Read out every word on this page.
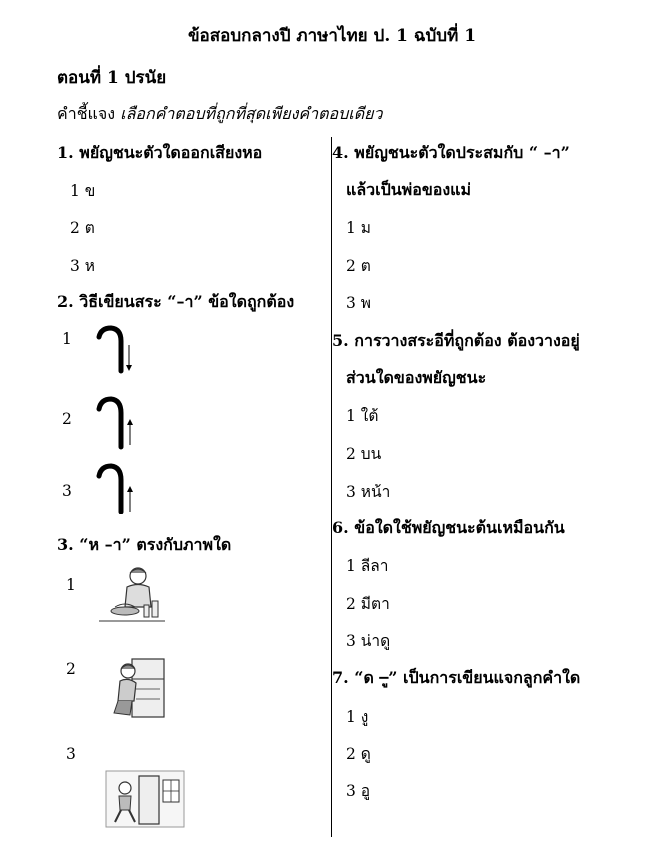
ข้อสอบกลางปี ภาษาไทย ป. 1 ฉบับที่ 1
ตอนที่ 1 ปรนัย
คำชี้แจง เลือกคำตอบที่ถูกที่สุดเพียงคำตอบเดียว
1. พยัญชนะตัวใดออกเสียงหอ
1 ข
2 ต
3 ห
2. วิธีเขียนสระ “–า” ข้อใดถูกต้อง
1
2
3
3. “ห –า” ตรงกับภาพใด
1
2
3
4. พยัญชนะตัวใดประสมกับ “ –า”
แล้วเป็นพ่อของแม่
1 ม
2 ต
3 พ
5. การวางสระอีที่ถูกต้อง ต้องวางอยู่
ส่วนใดของพยัญชนะ
1 ใต้
2 บน
3 หน้า
6. ข้อใดใช้พยัญชนะต้นเหมือนกัน
1 ลีลา
2 มีตา
3 น่าดู
7. “ด –ู” เป็นการเขียนแจกลูกคำใด
1 งู
2 ดู
3 อู
